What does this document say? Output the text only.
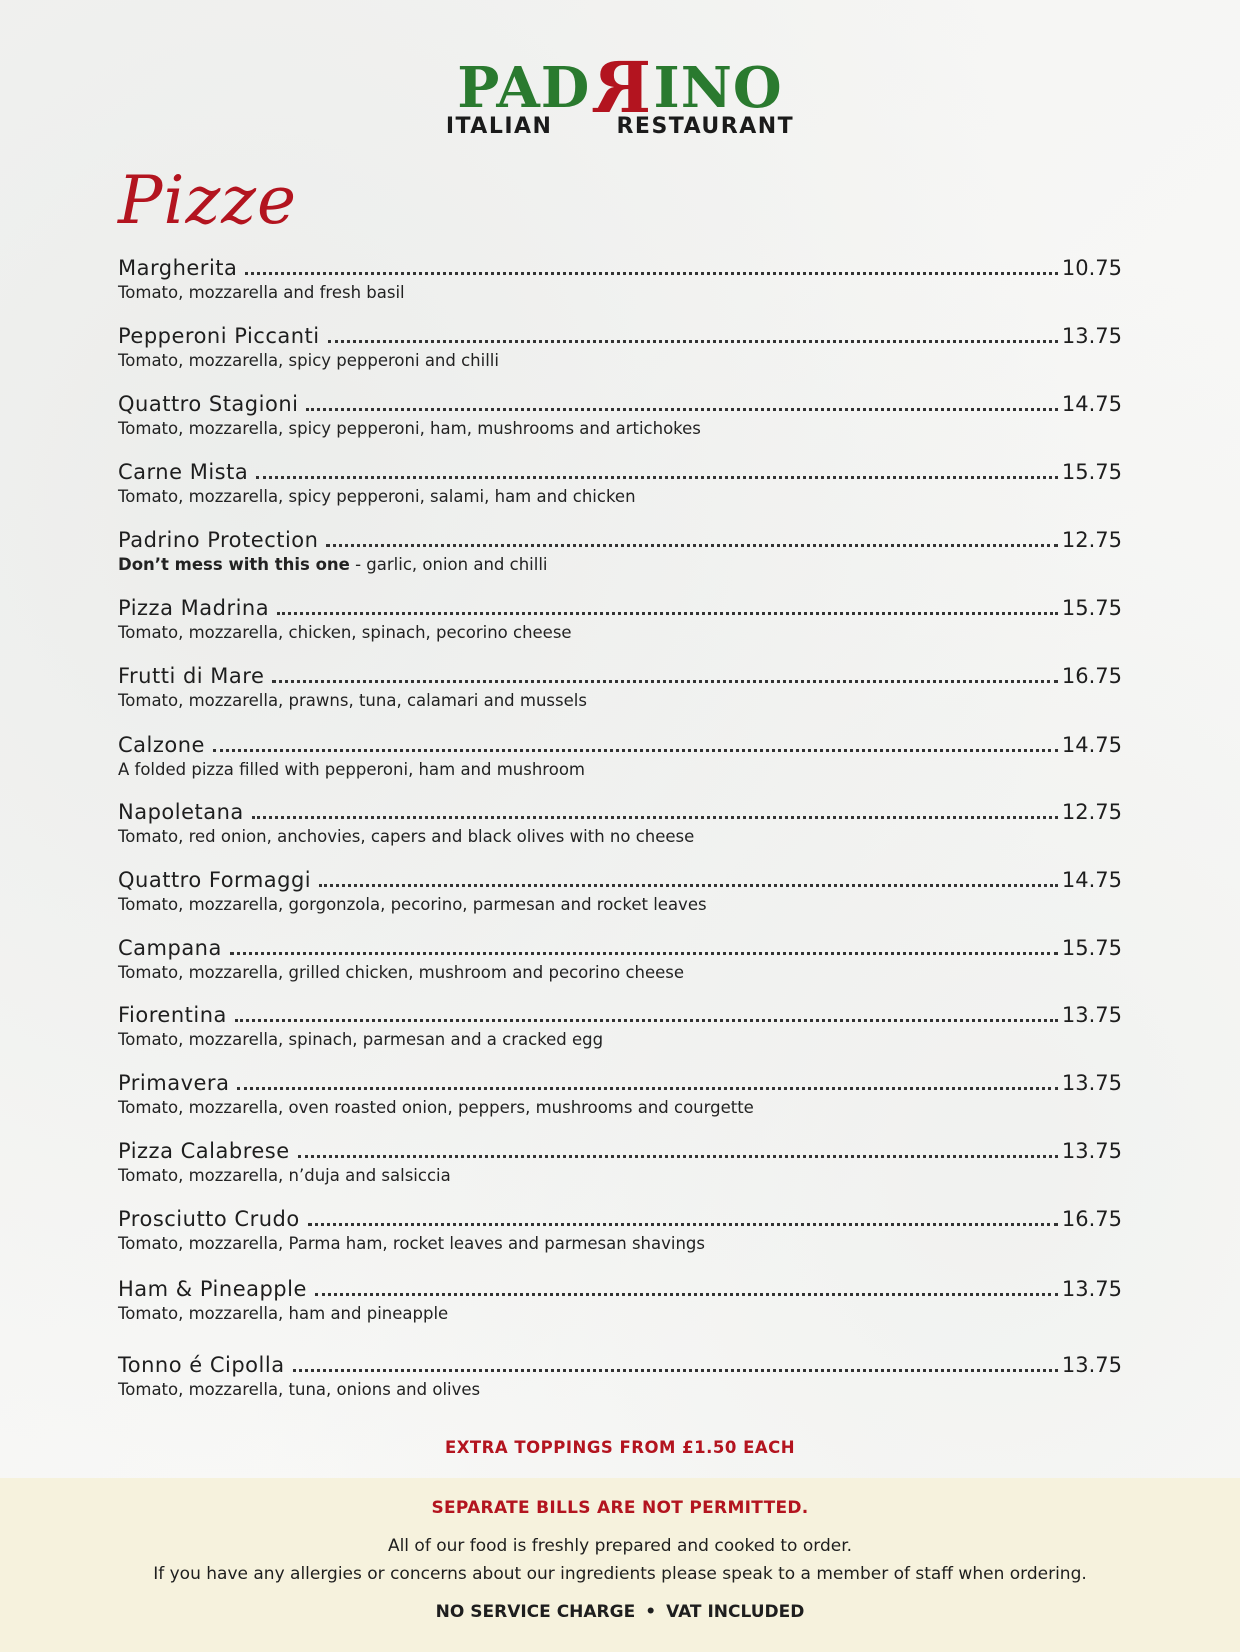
PADRINO
ITALIAN	RESTAURANT
Pizze
Margherita	10.75
Tomato, mozzarella and fresh basil
Pepperoni Piccanti	13.75
Tomato, mozzarella, spicy pepperoni and chilli
Quattro Stagioni	14.75
Tomato, mozzarella, spicy pepperoni, ham, mushrooms and artichokes
Carne Mista	15.75
Tomato, mozzarella, spicy pepperoni, salami, ham and chicken
Padrino Protection	12.75
Don’t mess with this one - garlic, onion and chilli
Pizza Madrina	15.75
Tomato, mozzarella, chicken, spinach, pecorino cheese
Frutti di Mare	16.75
Tomato, mozzarella, prawns, tuna, calamari and mussels
Calzone	14.75
A folded pizza filled with pepperoni, ham and mushroom
Napoletana	12.75
Tomato, red onion, anchovies, capers and black olives with no cheese
Quattro Formaggi	14.75
Tomato, mozzarella, gorgonzola, pecorino, parmesan and rocket leaves
Campana	15.75
Tomato, mozzarella, grilled chicken, mushroom and pecorino cheese
Fiorentina	13.75
Tomato, mozzarella, spinach, parmesan and a cracked egg
Primavera	13.75
Tomato, mozzarella, oven roasted onion, peppers, mushrooms and courgette
Pizza Calabrese	13.75
Tomato, mozzarella, n’duja and salsiccia
Prosciutto Crudo	16.75
Tomato, mozzarella, Parma ham, rocket leaves and parmesan shavings
Ham & Pineapple	13.75
Tomato, mozzarella, ham and pineapple
Tonno é Cipolla	13.75
Tomato, mozzarella, tuna, onions and olives
EXTRA TOPPINGS FROM £1.50 EACH
SEPARATE BILLS ARE NOT PERMITTED.
All of our food is freshly prepared and cooked to order.
If you have any allergies or concerns about our ingredients please speak to a member of staff when ordering.
NO SERVICE CHARGE • VAT INCLUDED
